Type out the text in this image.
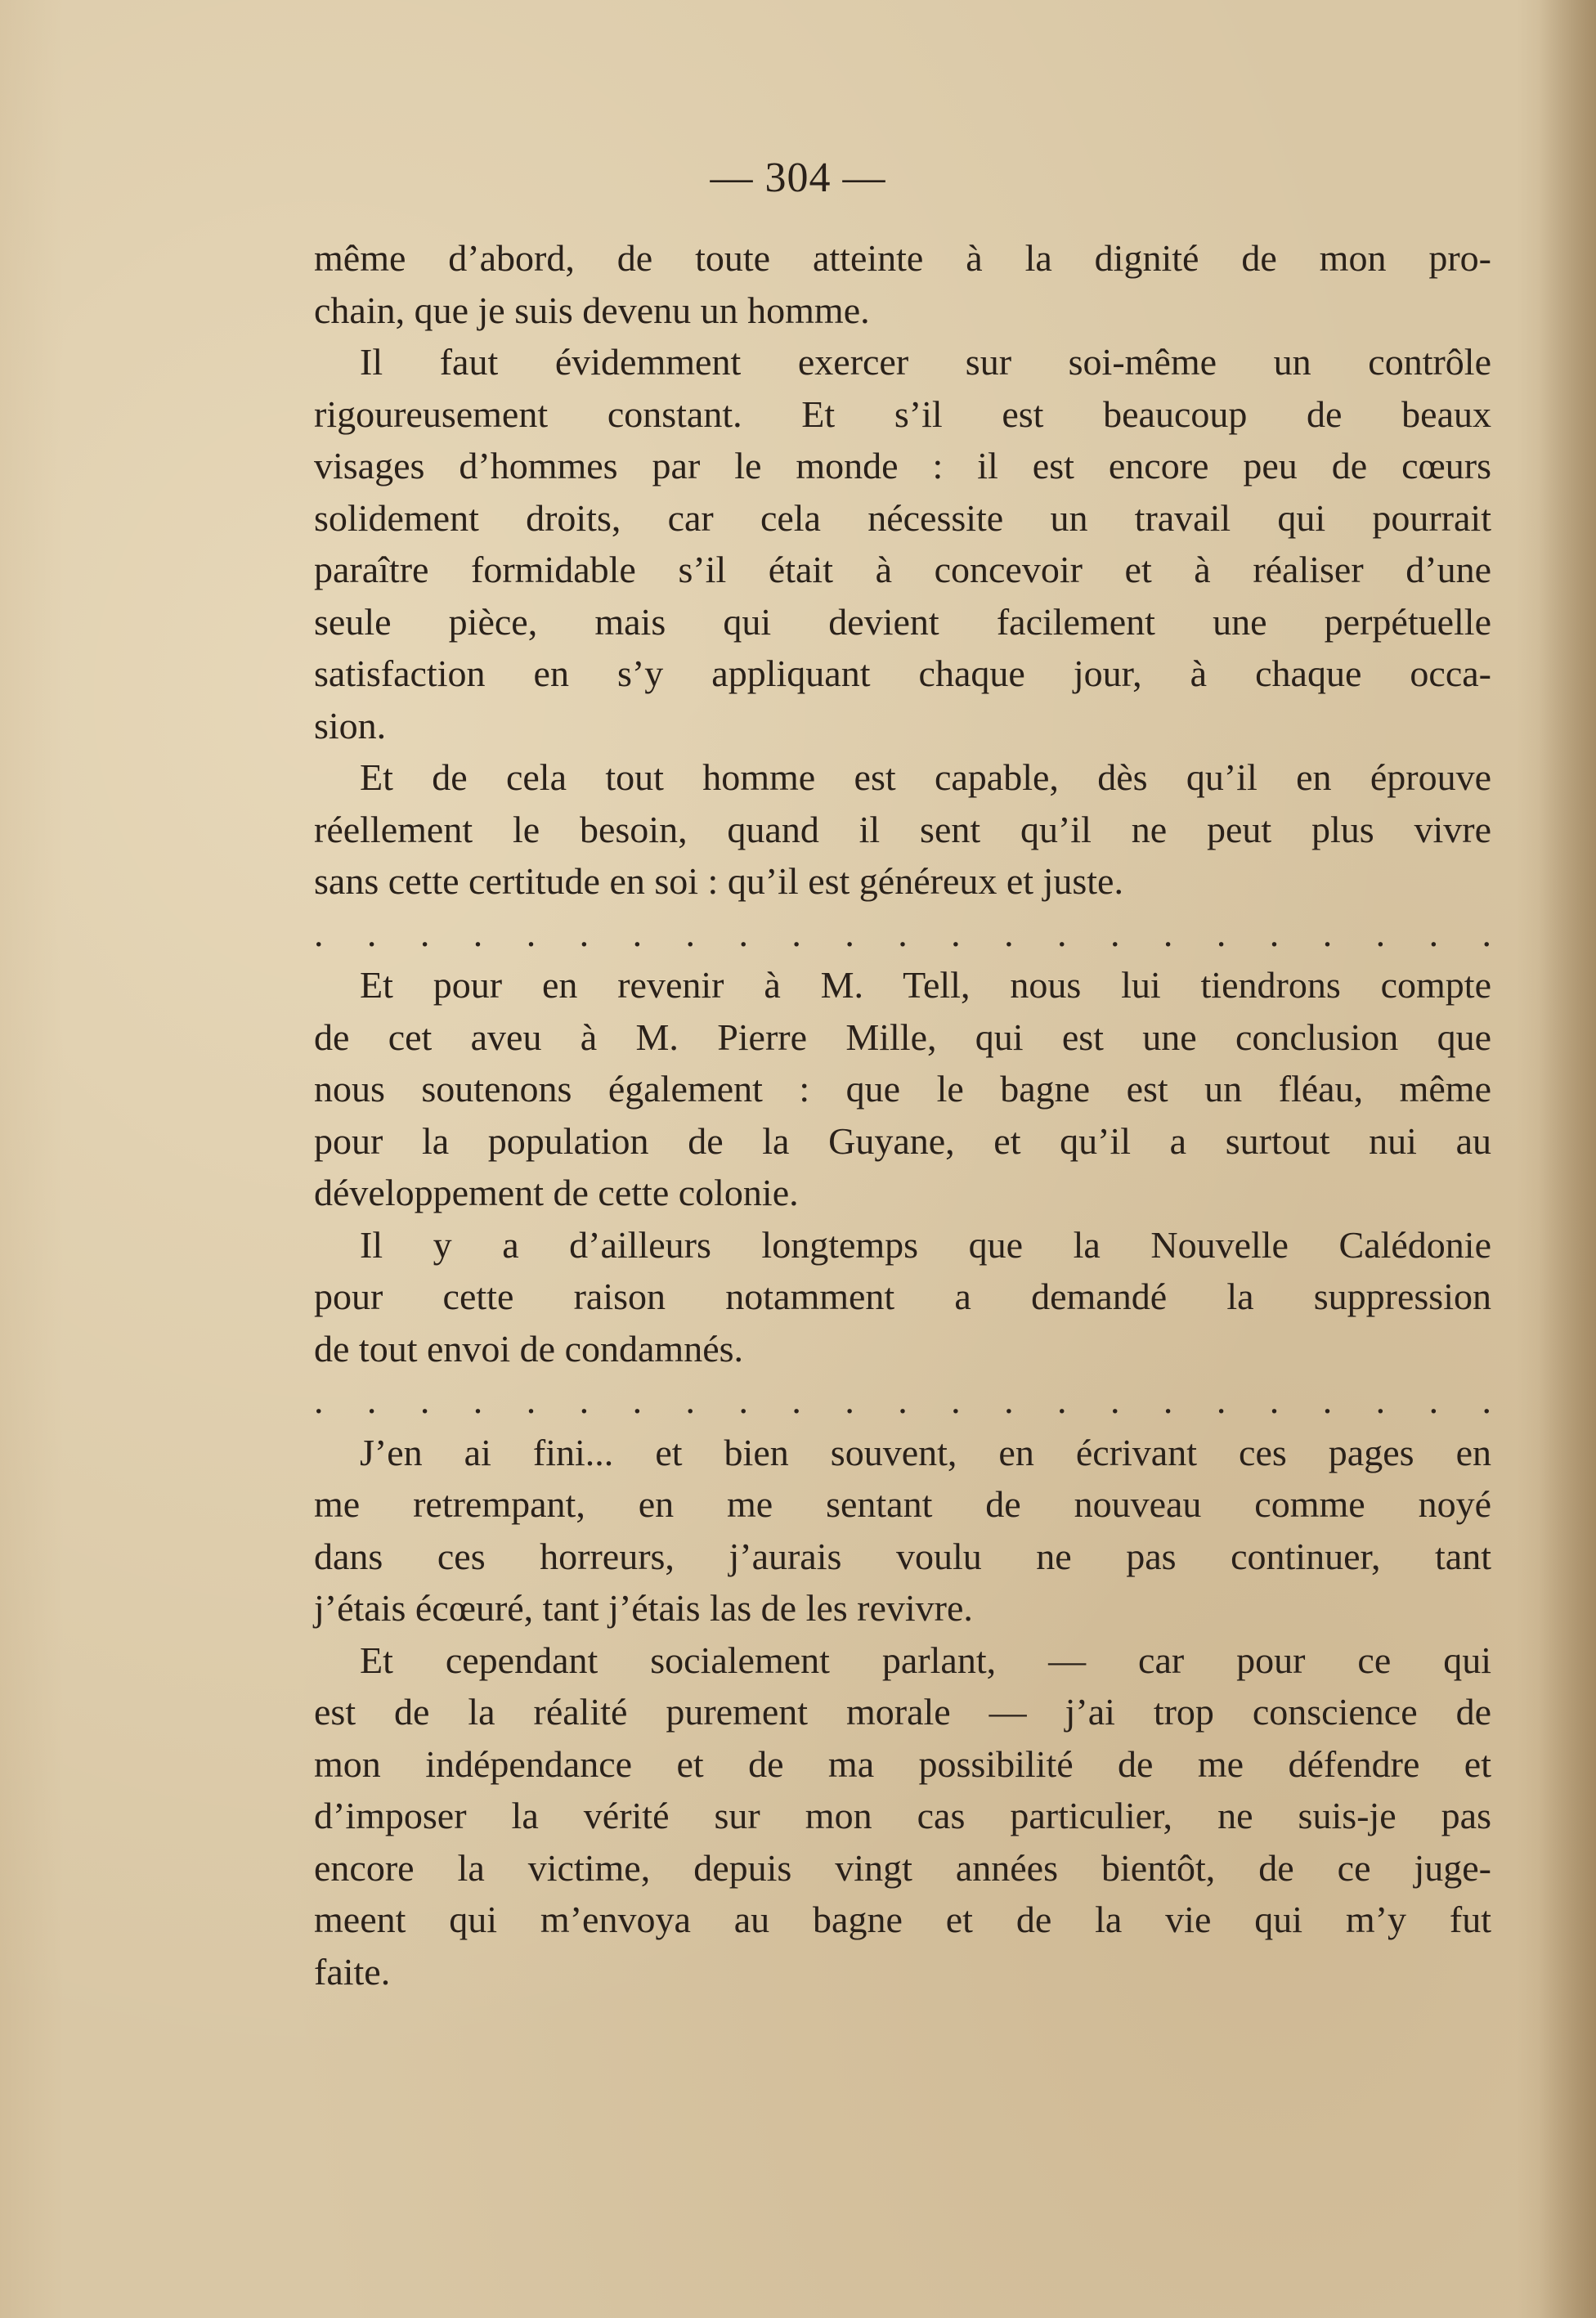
— 304 —
même d’abord, de toute atteinte à la dignité de mon pro-
chain, que je suis devenu un homme.
Il faut évidemment exercer sur soi-même un contrôle
rigoureusement constant. Et s’il est beaucoup de beaux
visages d’hommes par le monde : il est encore peu de cœurs
solidement droits, car cela nécessite un travail qui pourrait
paraître formidable s’il était à concevoir et à réaliser d’une
seule pièce, mais qui devient facilement une perpétuelle
satisfaction en s’y appliquant chaque jour, à chaque occa-
sion.
Et de cela tout homme est capable, dès qu’il en éprouve
réellement le besoin, quand il sent qu’il ne peut plus vivre
sans cette certitude en soi : qu’il est généreux et juste.
. . . . . . . . . . . . . . . . . . . . . . .
Et pour en revenir à M. Tell, nous lui tiendrons compte
de cet aveu à M. Pierre Mille, qui est une conclusion que
nous soutenons également : que le bagne est un fléau, même
pour la population de la Guyane, et qu’il a surtout nui au
développement de cette colonie.
Il y a d’ailleurs longtemps que la Nouvelle Calédonie
pour cette raison notamment a demandé la suppression
de tout envoi de condamnés.
. . . . . . . . . . . . . . . . . . . . . . .
J’en ai fini... et bien souvent, en écrivant ces pages en
me retrempant, en me sentant de nouveau comme noyé
dans ces horreurs, j’aurais voulu ne pas continuer, tant
j’étais écœuré, tant j’étais las de les revivre.
Et cependant socialement parlant, — car pour ce qui
est de la réalité purement morale — j’ai trop conscience de
mon indépendance et de ma possibilité de me défendre et
d’imposer la vérité sur mon cas particulier, ne suis-je pas
encore la victime, depuis vingt années bientôt, de ce juge-
meent qui m’envoya au bagne et de la vie qui m’y fut
faite.
